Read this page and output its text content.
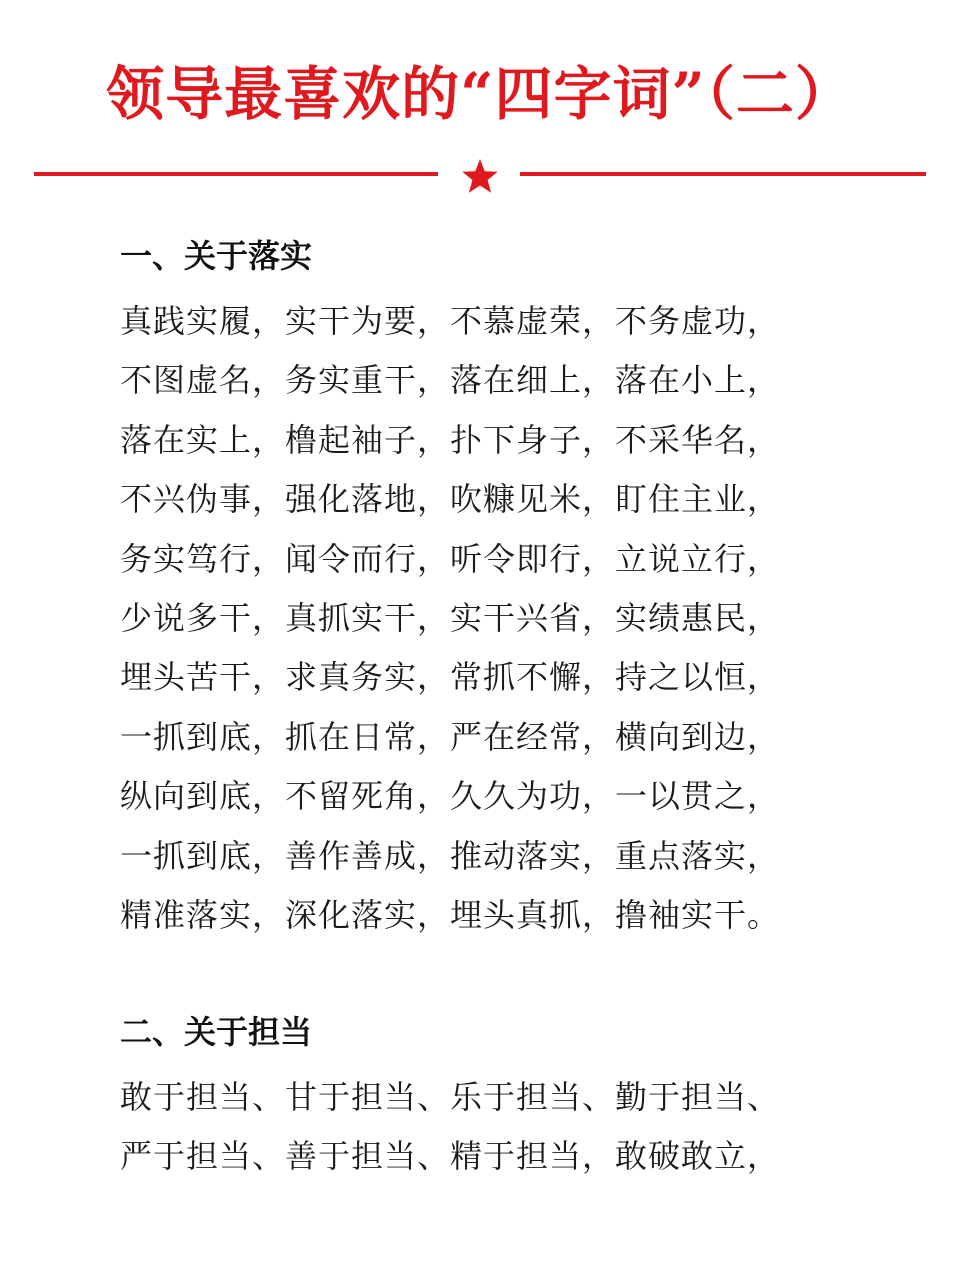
领导最喜欢的“四字词”（二）
一、关于落实
真践实履，实干为要，不慕虚荣，不务虚功，
不图虚名，务实重干，落在细上，落在小上，
落在实上，橹起袖子，扑下身子，不采华名，
不兴伪事，强化落地，吹糠见米，盯住主业，
务实笃行，闻令而行，听令即行，立说立行，
少说多干，真抓实干，实干兴省，实绩惠民，
埋头苦干，求真务实，常抓不懈，持之以恒，
一抓到底，抓在日常，严在经常，横向到边，
纵向到底，不留死角，久久为功，一以贯之，
一抓到底，善作善成，推动落实，重点落实，
精准落实，深化落实，埋头真抓，撸袖实干。
二、关于担当
敢于担当、甘于担当、乐于担当、勤于担当、
严于担当、善于担当、精于担当，敢破敢立，
